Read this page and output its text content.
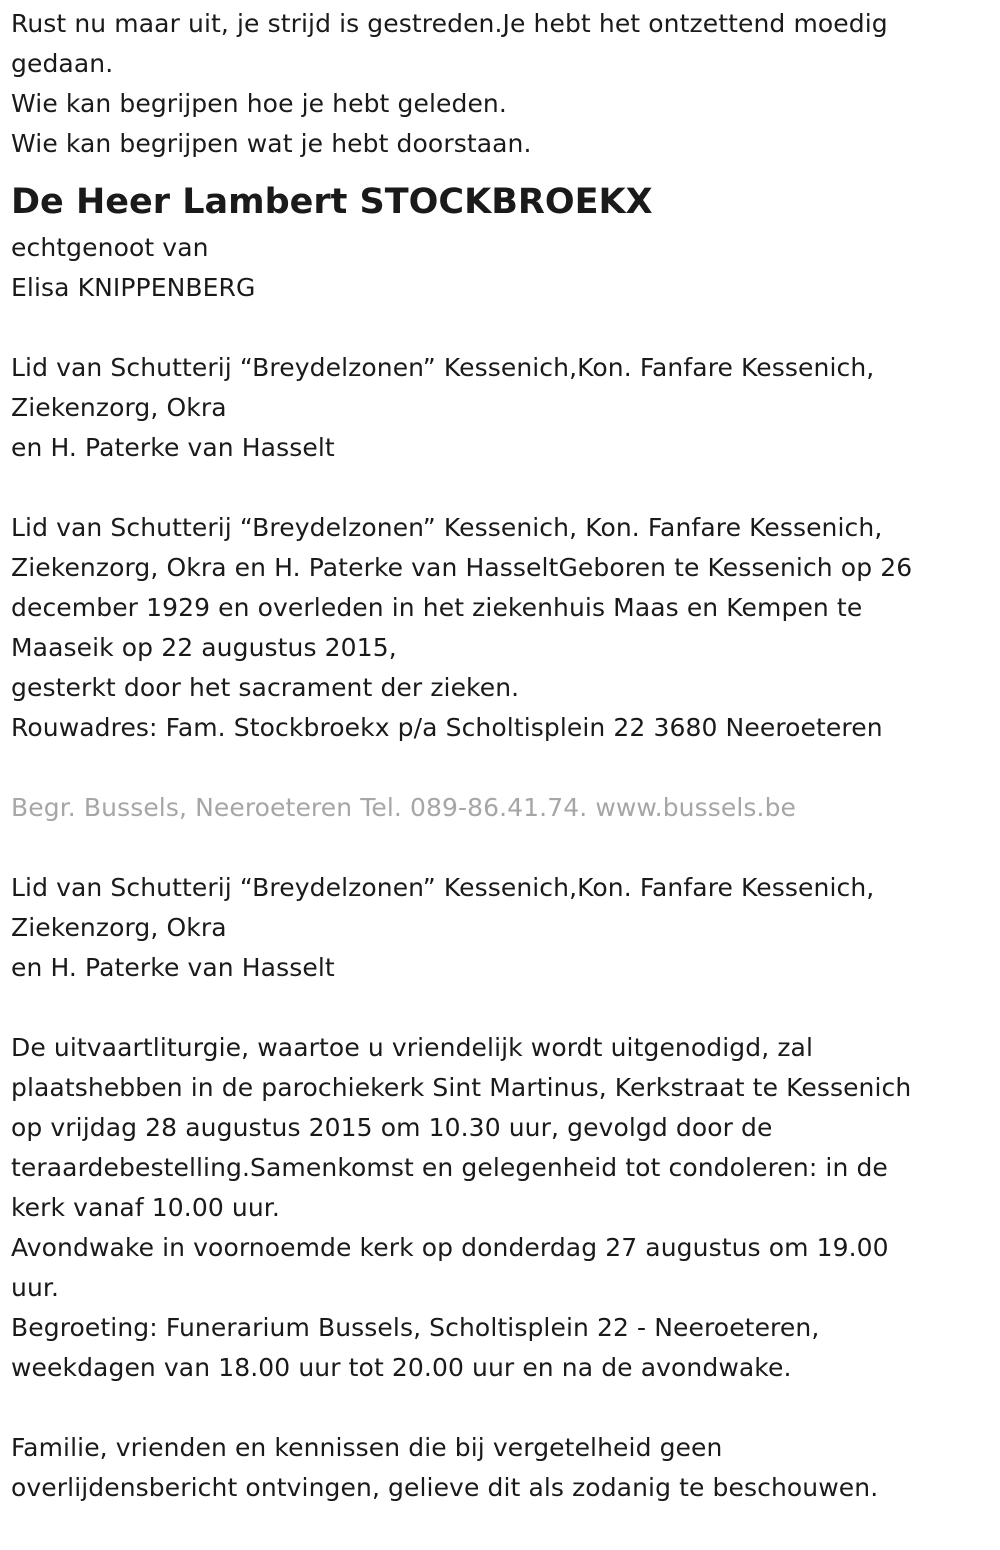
Rust nu maar uit, je strijd is gestreden.Je hebt het ontzettend moedig
gedaan.
Wie kan begrijpen hoe je hebt geleden.
Wie kan begrijpen wat je hebt doorstaan.
De Heer Lambert STOCKBROEKX
echtgenoot van
Elisa KNIPPENBERG
Lid van Schutterij “Breydelzonen” Kessenich,Kon. Fanfare Kessenich,
Ziekenzorg, Okra
en H. Paterke van Hasselt
Lid van Schutterij “Breydelzonen” Kessenich, Kon. Fanfare Kessenich,
Ziekenzorg, Okra en H. Paterke van HasseltGeboren te Kessenich op 26
december 1929 en overleden in het ziekenhuis Maas en Kempen te
Maaseik op 22 augustus 2015,
gesterkt door het sacrament der zieken.
Rouwadres: Fam. Stockbroekx p/a Scholtisplein 22 3680 Neeroeteren
Begr. Bussels, Neeroeteren Tel. 089-86.41.74. www.bussels.be
Lid van Schutterij “Breydelzonen” Kessenich,Kon. Fanfare Kessenich,
Ziekenzorg, Okra
en H. Paterke van Hasselt
De uitvaartliturgie, waartoe u vriendelijk wordt uitgenodigd, zal
plaatshebben in de parochiekerk Sint Martinus, Kerkstraat te Kessenich
op vrijdag 28 augustus 2015 om 10.30 uur, gevolgd door de
teraardebestelling.Samenkomst en gelegenheid tot condoleren: in de
kerk vanaf 10.00 uur.
Avondwake in voornoemde kerk op donderdag 27 augustus om 19.00
uur.
Begroeting: Funerarium Bussels, Scholtisplein 22 - Neeroeteren,
weekdagen van 18.00 uur tot 20.00 uur en na de avondwake.
Familie, vrienden en kennissen die bij vergetelheid geen
overlijdensbericht ontvingen, gelieve dit als zodanig te beschouwen.
